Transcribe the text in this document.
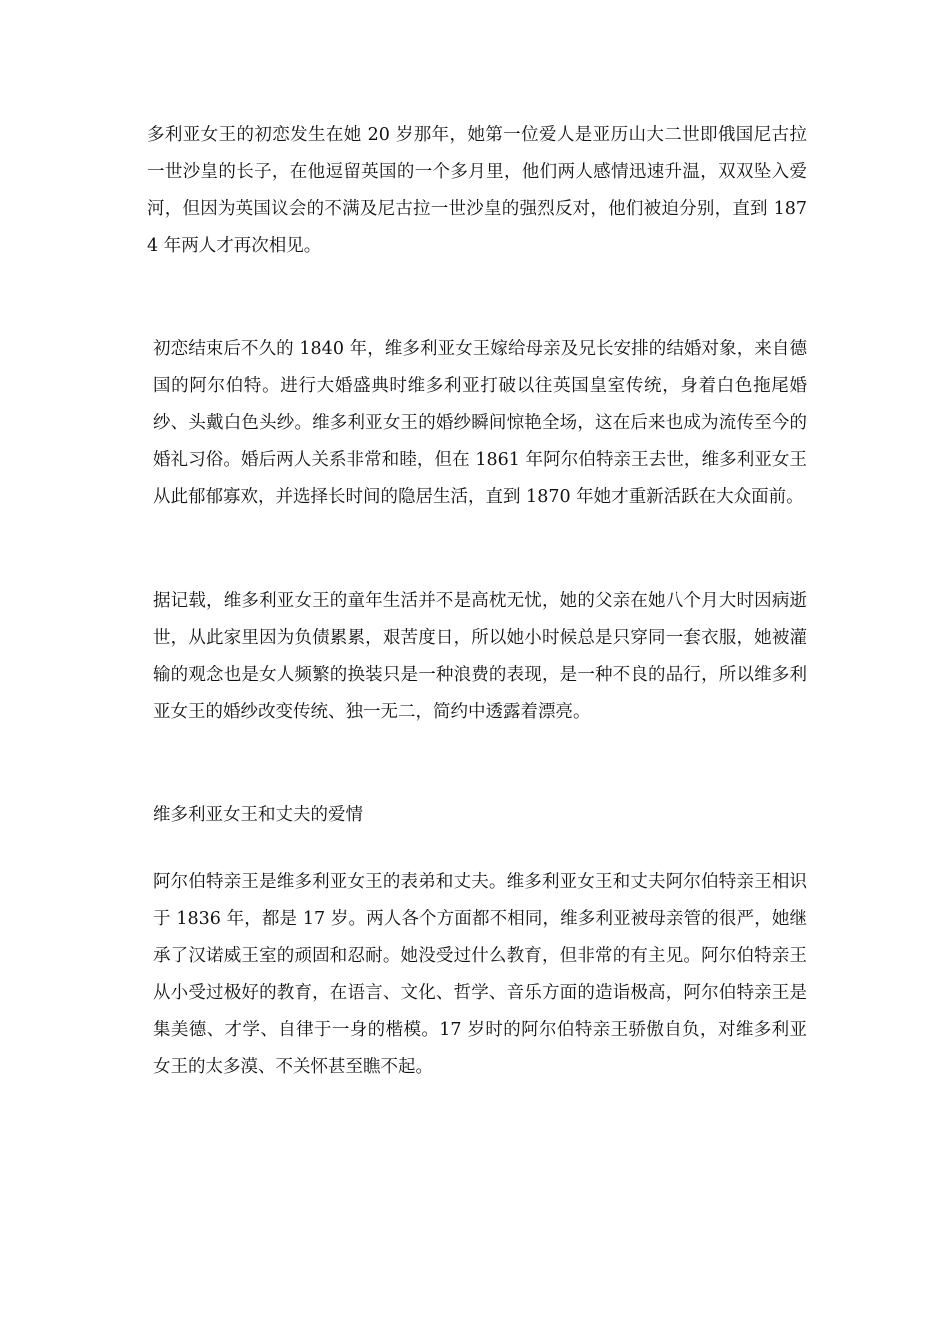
多利亚女王的初恋发生在她 20 岁那年，她第一位爱人是亚历山大二世即俄国尼古拉一世沙皇的长子，在他逗留英国的一个多月里，他们两人感情迅速升温，双双坠入爱河，但因为英国议会的不满及尼古拉一世沙皇的强烈反对，他们被迫分别，直到 1874 年两人才再次相见。

初恋结束后不久的 1840 年，维多利亚女王嫁给母亲及兄长安排的结婚对象，来自德国的阿尔伯特。进行大婚盛典时维多利亚打破以往英国皇室传统，身着白色拖尾婚纱、头戴白色头纱。维多利亚女王的婚纱瞬间惊艳全场，这在后来也成为流传至今的婚礼习俗。婚后两人关系非常和睦，但在 1861 年阿尔伯特亲王去世，维多利亚女王从此郁郁寡欢，并选择长时间的隐居生活，直到 1870 年她才重新活跃在大众面前。

据记载，维多利亚女王的童年生活并不是高枕无忧，她的父亲在她八个月大时因病逝世，从此家里因为负债累累，艰苦度日，所以她小时候总是只穿同一套衣服，她被灌输的观念也是女人频繁的换装只是一种浪费的表现，是一种不良的品行，所以维多利亚女王的婚纱改变传统、独一无二，简约中透露着漂亮。

维多利亚女王和丈夫的爱情

阿尔伯特亲王是维多利亚女王的表弟和丈夫。维多利亚女王和丈夫阿尔伯特亲王相识于 1836 年，都是 17 岁。两人各个方面都不相同，维多利亚被母亲管的很严，她继承了汉诺威王室的顽固和忍耐。她没受过什么教育，但非常的有主见。阿尔伯特亲王从小受过极好的教育，在语言、文化、哲学、音乐方面的造诣极高，阿尔伯特亲王是集美德、才学、自律于一身的楷模。17 岁时的阿尔伯特亲王骄傲自负，对维多利亚女王的太多漠、不关怀甚至瞧不起。
